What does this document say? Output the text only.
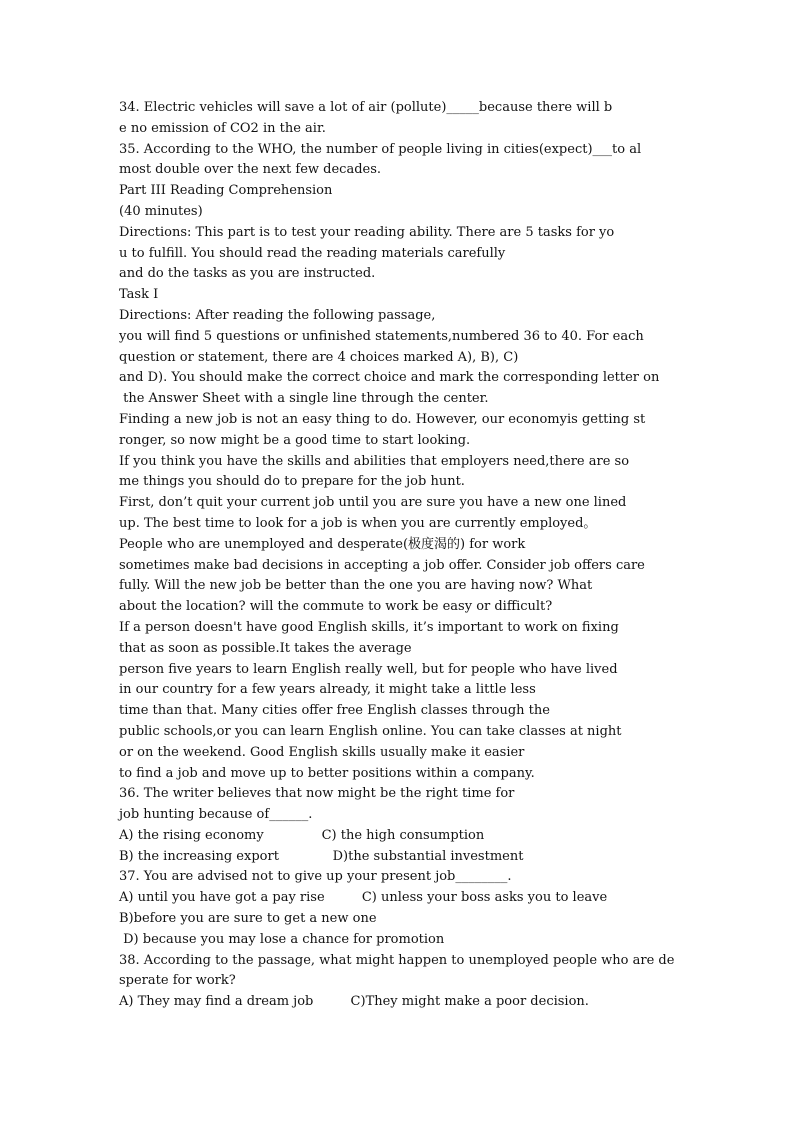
34. Electric vehicles will save a lot of air (pollute)_____because there will b
e no emission of CO2 in the air.
35. According to the WHO, the number of people living in cities(expect)___to al
most double over the next few decades.
Part III Reading Comprehension
(40 minutes)
Directions: This part is to test your reading ability. There are 5 tasks for yo
u to fulfill. You should read the reading materials carefully
and do the tasks as you are instructed.
Task I
Directions: After reading the following passage,
you will find 5 questions or unfinished statements,numbered 36 to 40. For each
question or statement, there are 4 choices marked A), B), C)
and D). You should make the correct choice and mark the corresponding letter on
the Answer Sheet with a single line through the center.
Finding a new job is not an easy thing to do. However, our economyis getting st
ronger, so now might be a good time to start looking.
If you think you have the skills and abilities that employers need,there are so
me things you should do to prepare for the job hunt.
First, don’t quit your current job until you are sure you have a new one lined
up. The best time to look for a job is when you are currently employed。
People who are unemployed and desperate(极度渴的) for work
sometimes make bad decisions in accepting a job offer. Consider job offers care
fully. Will the new job be better than the one you are having now? What
about the location? will the commute to work be easy or difficult?
If a person doesn't have good English skills, it’s important to work on fixing
that as soon as possible.It takes the average
person five years to learn English really well, but for people who have lived
in our country for a few years already, it might take a little less
time than that. Many cities offer free English classes through the
public schools,or you can learn English online. You can take classes at night
or on the weekend. Good English skills usually make it easier
to find a job and move up to better positions within a company.
36. The writer believes that now might be the right time for
job hunting because of______.
A) the rising economy              C) the high consumption
B) the increasing export             D)the substantial investment
37. You are advised not to give up your present job________.
A) until you have got a pay rise         C) unless your boss asks you to leave
B)before you are sure to get a new one
D) because you may lose a chance for promotion
38. According to the passage, what might happen to unemployed people who are de
sperate for work?
A) They may find a dream job         C)They might make a poor decision.
